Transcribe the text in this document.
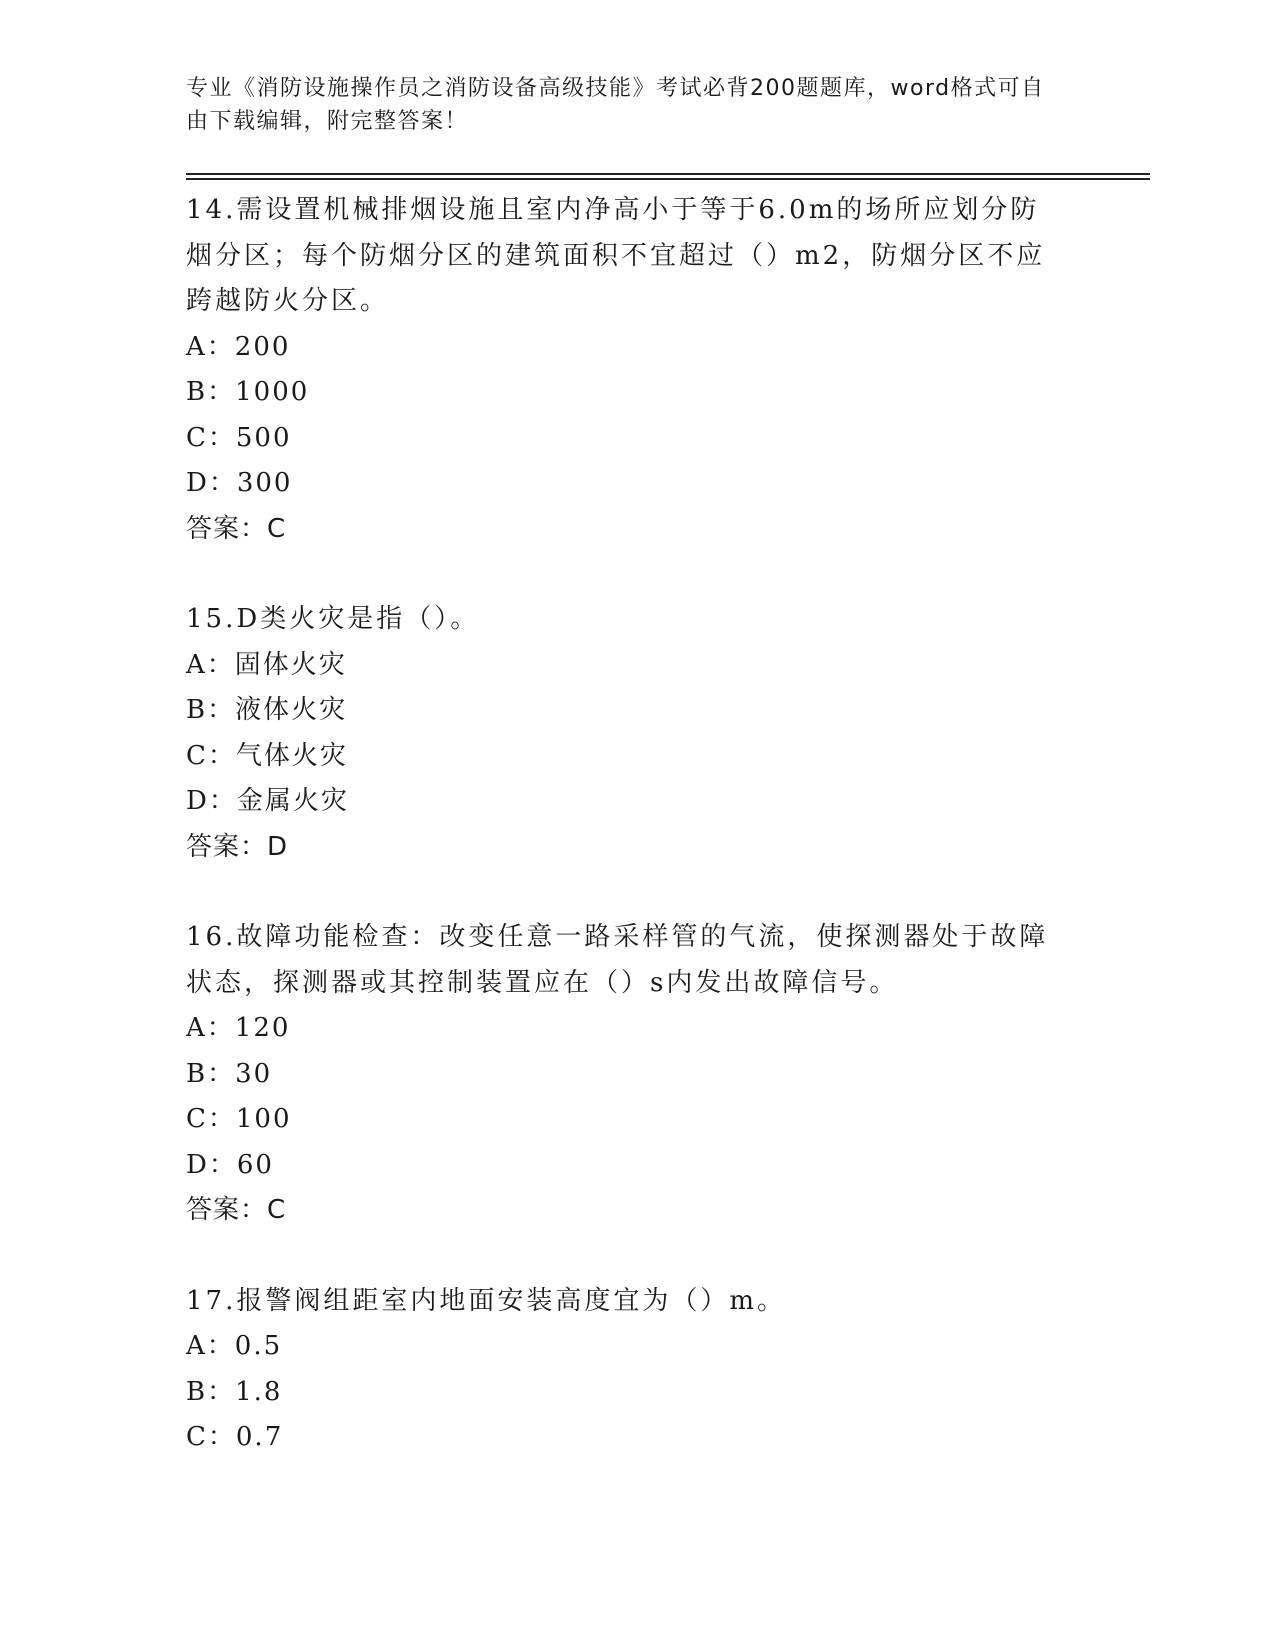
专业《消防设施操作员之消防设备高级技能》考试必背200题题库，word格式可自由下载编辑，附完整答案！

14.需设置机械排烟设施且室内净高小于等于6.0m的场所应划分防烟分区；每个防烟分区的建筑面积不宜超过（）m2，防烟分区不应跨越防火分区。

A：200

B：1000

C：500

D：300

答案：C

15.D类火灾是指（）。

A：固体火灾

B：液体火灾

C：气体火灾

D：金属火灾

答案：D

16.故障功能检查：改变任意一路采样管的气流，使探测器处于故障状态，探测器或其控制装置应在（）s内发出故障信号。

A：120

B：30

C：100

D：60

答案：C

17.报警阀组距室内地面安装高度宜为（）m。

A：0.5

B：1.8

C：0.7
